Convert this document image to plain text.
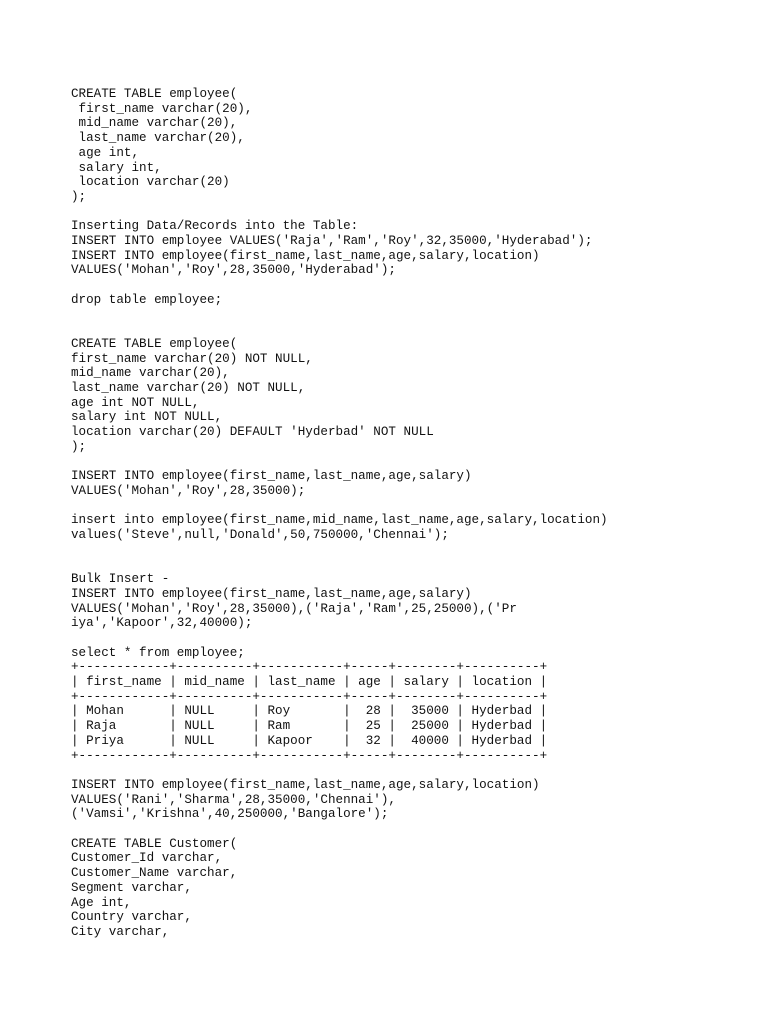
CREATE TABLE employee(
first_name varchar(20),
mid_name varchar(20),
last_name varchar(20),
age int,
salary int,
location varchar(20)
);
Inserting Data/Records into the Table:
INSERT INTO employee VALUES('Raja','Ram','Roy',32,35000,'Hyderabad');
INSERT INTO employee(first_name,last_name,age,salary,location)
VALUES('Mohan','Roy',28,35000,'Hyderabad');
drop table employee;
CREATE TABLE employee(
first_name varchar(20) NOT NULL,
mid_name varchar(20),
last_name varchar(20) NOT NULL,
age int NOT NULL,
salary int NOT NULL,
location varchar(20) DEFAULT 'Hyderbad' NOT NULL
);
INSERT INTO employee(first_name,last_name,age,salary)
VALUES('Mohan','Roy',28,35000);
insert into employee(first_name,mid_name,last_name,age,salary,location)
values('Steve',null,'Donald',50,750000,'Chennai');
Bulk Insert -
INSERT INTO employee(first_name,last_name,age,salary)
VALUES('Mohan','Roy',28,35000),('Raja','Ram',25,25000),('Pr
iya','Kapoor',32,40000);
select * from employee;
+------------+----------+-----------+-----+--------+----------+
| first_name | mid_name | last_name | age | salary | location |
+------------+----------+-----------+-----+--------+----------+
| Mohan      | NULL     | Roy       |  28 |  35000 | Hyderbad |
| Raja       | NULL     | Ram       |  25 |  25000 | Hyderbad |
| Priya      | NULL     | Kapoor    |  32 |  40000 | Hyderbad |
+------------+----------+-----------+-----+--------+----------+
INSERT INTO employee(first_name,last_name,age,salary,location)
VALUES('Rani','Sharma',28,35000,'Chennai'),
('Vamsi','Krishna',40,250000,'Bangalore');
CREATE TABLE Customer(
Customer_Id varchar,
Customer_Name varchar,
Segment varchar,
Age int,
Country varchar,
City varchar,
